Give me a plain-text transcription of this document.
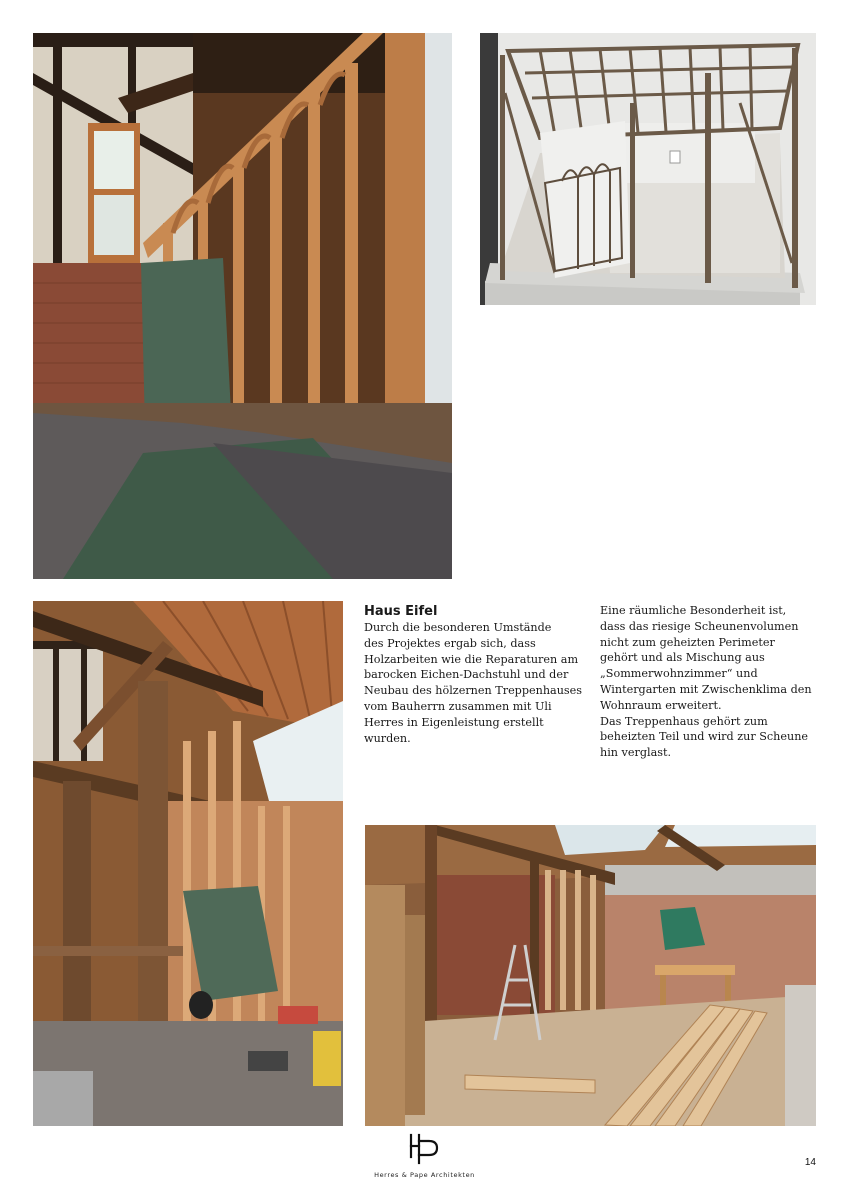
Haus Eifel
Durch die besonderen Umstände
des Projektes ergab sich, dass
Holzarbeiten wie die Reparaturen am
barocken Eichen-Dachstuhl und der
Neubau des hölzernen Treppenhauses
vom Bauherrn zusammen mit Uli
Herres in Eigenleistung erstellt
wurden.
Eine räumliche Besonderheit ist,
dass das riesige Scheunenvolumen
nicht zum geheizten Perimeter
gehört und als Mischung aus
„Sommerwohnzimmer“ und
Wintergarten mit Zwischenklima den
Wohnraum erweitert.
Das Treppenhaus gehört zum
beheizten Teil und wird zur Scheune
hin verglast.
Herres & Pape Architekten
14
